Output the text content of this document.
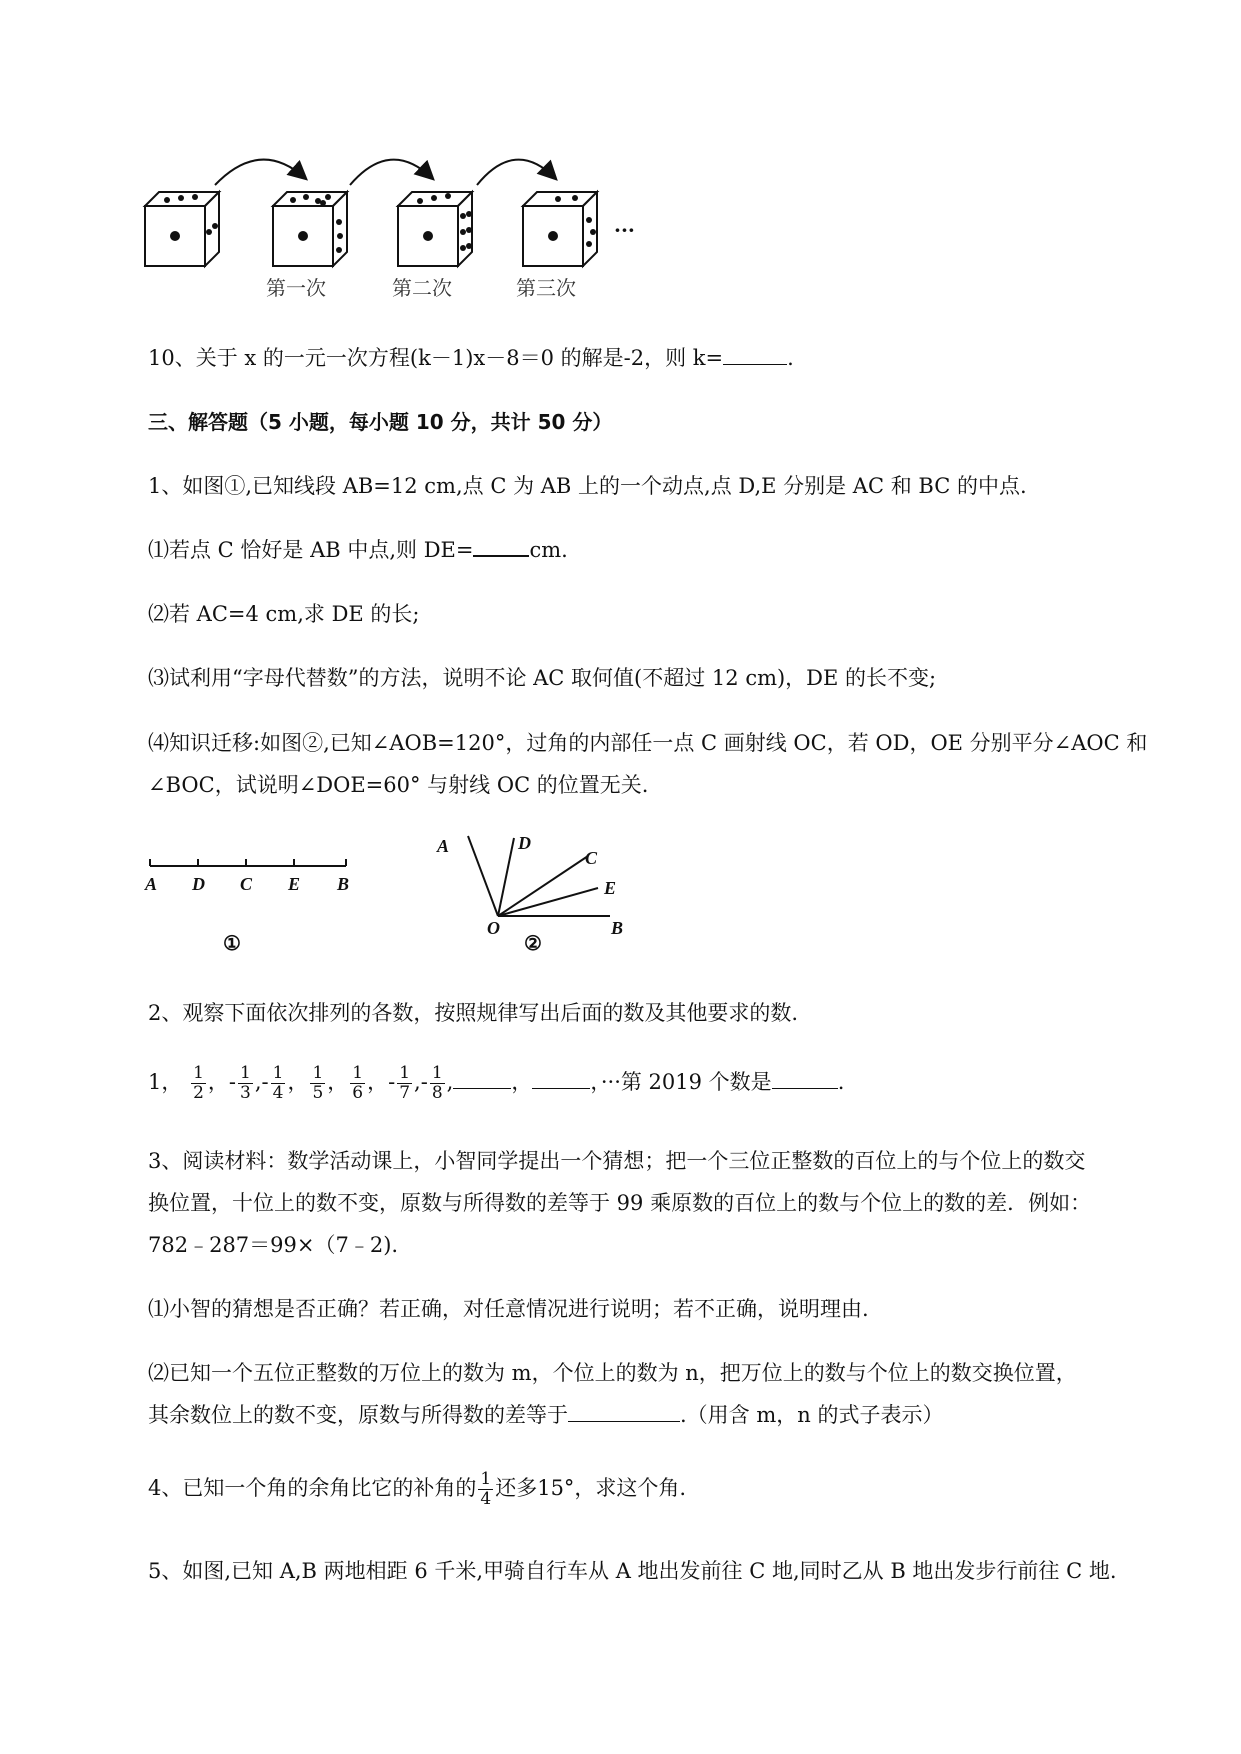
第一次	第二次	第三次
···
10、关于 x 的一元一次方程(k－1)x－8＝0 的解是-2，则 k=	.
三、解答题（5 小题，每小题 10 分，共计 50 分）
1、如图①,已知线段 AB=12 cm,点 C 为 AB 上的一个动点,点 D,E 分别是 AC 和 BC 的中点.
⑴若点 C 恰好是 AB 中点,则 DE=	cm.
⑵若 AC=4 cm,求 DE 的长;
⑶试利用“字母代替数”的方法，说明不论 AC 取何值(不超过 12 cm)，DE 的长不变;
⑷知识迁移:如图②,已知∠AOB=120°，过角的内部任一点 C 画射线 OC，若 OD，OE 分别平分∠AOC 和
∠BOC，试说明∠DOE=60° 与射线 OC 的位置无关.
A D C E B
①
A	D
C
E
O	B
②
2、观察下面依次排列的各数，按照规律写出后面的数及其他要求的数.
1， $\frac{1}{2}$ ，- $\frac{1}{3}$ ,- $\frac{1}{4}$ ， $\frac{1}{5}$ ， $\frac{1}{6}$ ，- $\frac{1}{7}$ ,- $\frac{1}{8}$ ,	，	，···第 2019 个数是	.
3、阅读材料：数学活动课上，小智同学提出一个猜想；把一个三位正整数的百位上的与个位上的数交
换位置，十位上的数不变，原数与所得数的差等于 99 乘原数的百位上的数与个位上的数的差．例如：
782﹣287＝99×（7﹣2).
⑴小智的猜想是否正确？若正确，对任意情况进行说明；若不正确，说明理由.
⑵已知一个五位正整数的万位上的数为 m，个位上的数为 n，把万位上的数与个位上的数交换位置，
其余数位上的数不变，原数与所得数的差等于	.（用含 m，n 的式子表示）
4、已知一个角的余角比它的补角的 $\frac{1}{4}$ 还多15°，求这个角.
5、如图,已知 A,B 两地相距 6 千米,甲骑自行车从 A 地出发前往 C 地,同时乙从 B 地出发步行前往 C 地.
